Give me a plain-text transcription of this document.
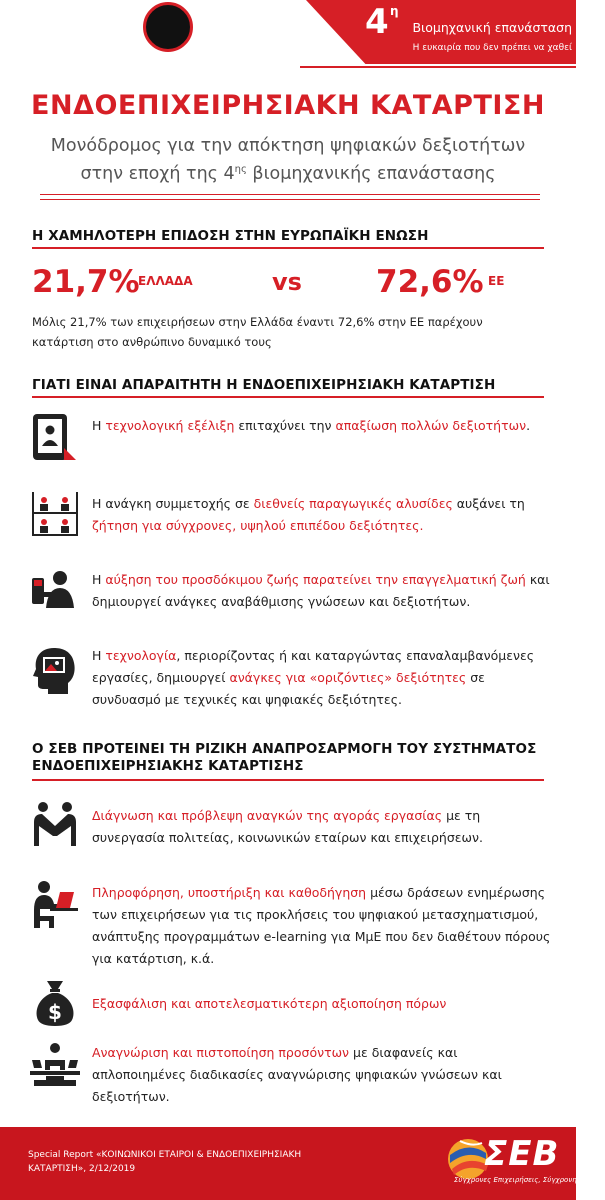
4 η
Βιομηχανική επανάσταση
Η ευκαιρία που δεν πρέπει να χαθεί
ΕΝΔΟΕΠΙΧΕΙΡΗΣΙΑΚΗ ΚΑΤΑΡΤΙΣΗ
Μονόδρομος για την απόκτηση ψηφιακών δεξιοτήτων
στην εποχή της $4^{\eta\varsigma}$ βιομηχανικής επανάστασης
Η ΧΑΜΗΛΟΤΕΡΗ ΕΠΙΔΟΣΗ ΣΤΗΝ ΕΥΡΩΠΑΪΚΗ ΕΝΩΣΗ
21,7%
ΕΛΛΑΔΑ	vs 72,6% ΕΕ
Μόλις 21,7% των επιχειρήσεων στην Ελλάδα έναντι 72,6% στην ΕΕ παρέχουν κατάρτιση στο ανθρώπινο δυναμικό τους
ΓΙΑΤΙ ΕΙΝΑΙ ΑΠΑΡΑΙΤΗΤΗ Η ΕΝΔΟΕΠΙΧΕΙΡΗΣΙΑΚΗ ΚΑΤΑΡΤΙΣΗ
Η τεχνολογική εξέλιξη επιταχύνει την απαξίωση πολλών δεξιοτήτων.
Η ανάγκη συμμετοχής σε διεθνείς παραγωγικές αλυσίδες αυξάνει τη ζήτηση για σύγχρονες, υψηλού επιπέδου δεξιότητες.
Η αύξηση του προσδόκιμου ζωής παρατείνει την επαγγελματική ζωή και δημιουργεί ανάγκες αναβάθμισης γνώσεων και δεξιοτήτων.
Η τεχνολογία, περιορίζοντας ή και καταργώντας επαναλαμβανόμενες εργασίες, δημιουργεί ανάγκες για «οριζόντιες» δεξιότητες σε συνδυασμό με τεχνικές και ψηφιακές δεξιότητες.
Ο ΣΕΒ ΠΡΟΤΕΙΝΕΙ ΤΗ ΡΙΖΙΚΗ ΑΝΑΠΡΟΣΑΡΜΟΓΗ ΤΟΥ ΣΥΣΤΗΜΑΤΟΣ
ΕΝΔΟΕΠΙΧΕΙΡΗΣΙΑΚΗΣ ΚΑΤΑΡΤΙΣΗΣ
Διάγνωση και πρόβλεψη αναγκών της αγοράς εργασίας με τη συνεργασία πολιτείας, κοινωνικών εταίρων και επιχειρήσεων.
Πληροφόρηση, υποστήριξη και καθοδήγηση μέσω δράσεων ενημέρωσης των επιχειρήσεων για τις προκλήσεις του ψηφιακού μετασχηματισμού, ανάπτυξης προγραμμάτων e-learning για ΜμΕ που δεν διαθέτουν πόρους για κατάρτιση, κ.ά.
$ Εξασφάλιση και αποτελεσματικότερη αξιοποίηση πόρων
Αναγνώριση και πιστοποίηση προσόντων με διαφανείς και απλοποιημένες διαδικασίες αναγνώρισης ψηφιακών γνώσεων και δεξιοτήτων.
Special Report «ΚΟΙΝΩΝΙΚΟΙ ΕΤΑΙΡΟΙ & ΕΝΔΟΕΠΙΧΕΙΡΗΣΙΑΚΗ ΚΑΤΑΡΤΙΣΗ», 2/12/2019	ΣΕΒ
Σύγχρονες Επιχειρήσεις, Σύγχρονη Ελλάδα
